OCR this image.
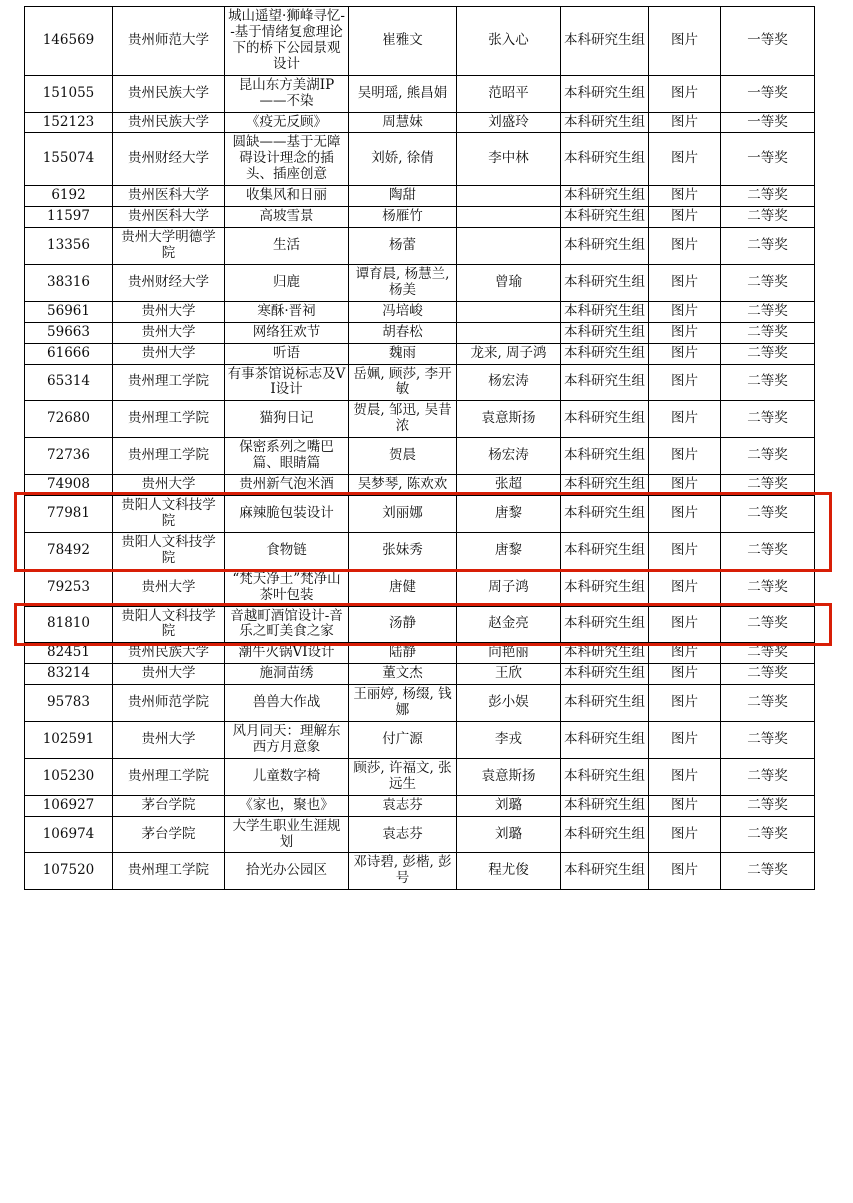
146569	贵州师范大学	城山遥望·狮峰寻忆--基于情绪复愈理论下的桥下公园景观设计	崔雅文	张入心	本科研究生组	图片	一等奖
151055	贵州民族大学	昆山东方美湖IP——不染	吴明瑶, 熊昌娟	范昭平	本科研究生组	图片	一等奖
152123	贵州民族大学	《疫无反顾》	周慧妹	刘盛玲	本科研究生组	图片	一等奖
155074	贵州财经大学	圆缺——基于无障碍设计理念的插头、插座创意	刘娇, 徐倩	李中林	本科研究生组	图片	一等奖
6192	贵州医科大学	收集风和日丽	陶甜		本科研究生组	图片	二等奖
11597	贵州医科大学	高坡雪景	杨雁竹		本科研究生组	图片	二等奖
13356	贵州大学明德学院	生活	杨蕾		本科研究生组	图片	二等奖
38316	贵州财经大学	归鹿	谭育晨, 杨慧兰, 杨美	曾瑜	本科研究生组	图片	二等奖
56961	贵州大学	寒酥·晋祠	冯培峻		本科研究生组	图片	二等奖
59663	贵州大学	网络狂欢节	胡春松		本科研究生组	图片	二等奖
61666	贵州大学	听语	魏雨	龙来, 周子鸿	本科研究生组	图片	二等奖
65314	贵州理工学院	有事茶馆说标志及VI设计	岳姵, 顾莎, 李开敏	杨宏涛	本科研究生组	图片	二等奖
72680	贵州理工学院	猫狗日记	贺晨, 邹迅, 吴昔浓	袁意斯扬	本科研究生组	图片	二等奖
72736	贵州理工学院	保密系列之嘴巴篇、眼睛篇	贺晨	杨宏涛	本科研究生组	图片	二等奖
74908	贵州大学	贵州新气泡米酒	吴梦琴, 陈欢欢	张超	本科研究生组	图片	二等奖
77981	贵阳人文科技学院	麻辣脆包装设计	刘丽娜	唐黎	本科研究生组	图片	二等奖
78492	贵阳人文科技学院	食物链	张妹秀	唐黎	本科研究生组	图片	二等奖
79253	贵州大学	“梵天净土”梵净山茶叶包装	唐健	周子鸿	本科研究生组	图片	二等奖
81810	贵阳人文科技学院	音越町酒馆设计-音乐之町美食之家	汤静	赵金亮	本科研究生组	图片	二等奖
82451	贵州民族大学	潮牛火锅VI设计	陆静	向艳丽	本科研究生组	图片	二等奖
83214	贵州大学	施洞苗绣	董文杰	王欣	本科研究生组	图片	二等奖
95783	贵州师范学院	兽兽大作战	王丽婷, 杨缀, 钱娜	彭小娱	本科研究生组	图片	二等奖
102591	贵州大学	风月同天：理解东西方月意象	付广源	李戎	本科研究生组	图片	二等奖
105230	贵州理工学院	儿童数字椅	顾莎, 许福文, 张远生	袁意斯扬	本科研究生组	图片	二等奖
106927	茅台学院	《家也，聚也》	袁志芬	刘璐	本科研究生组	图片	二等奖
106974	茅台学院	大学生职业生涯规划	袁志芬	刘璐	本科研究生组	图片	二等奖
107520	贵州理工学院	拾光办公园区	邓诗碧, 彭楷, 彭号	程尤俊	本科研究生组	图片	二等奖
